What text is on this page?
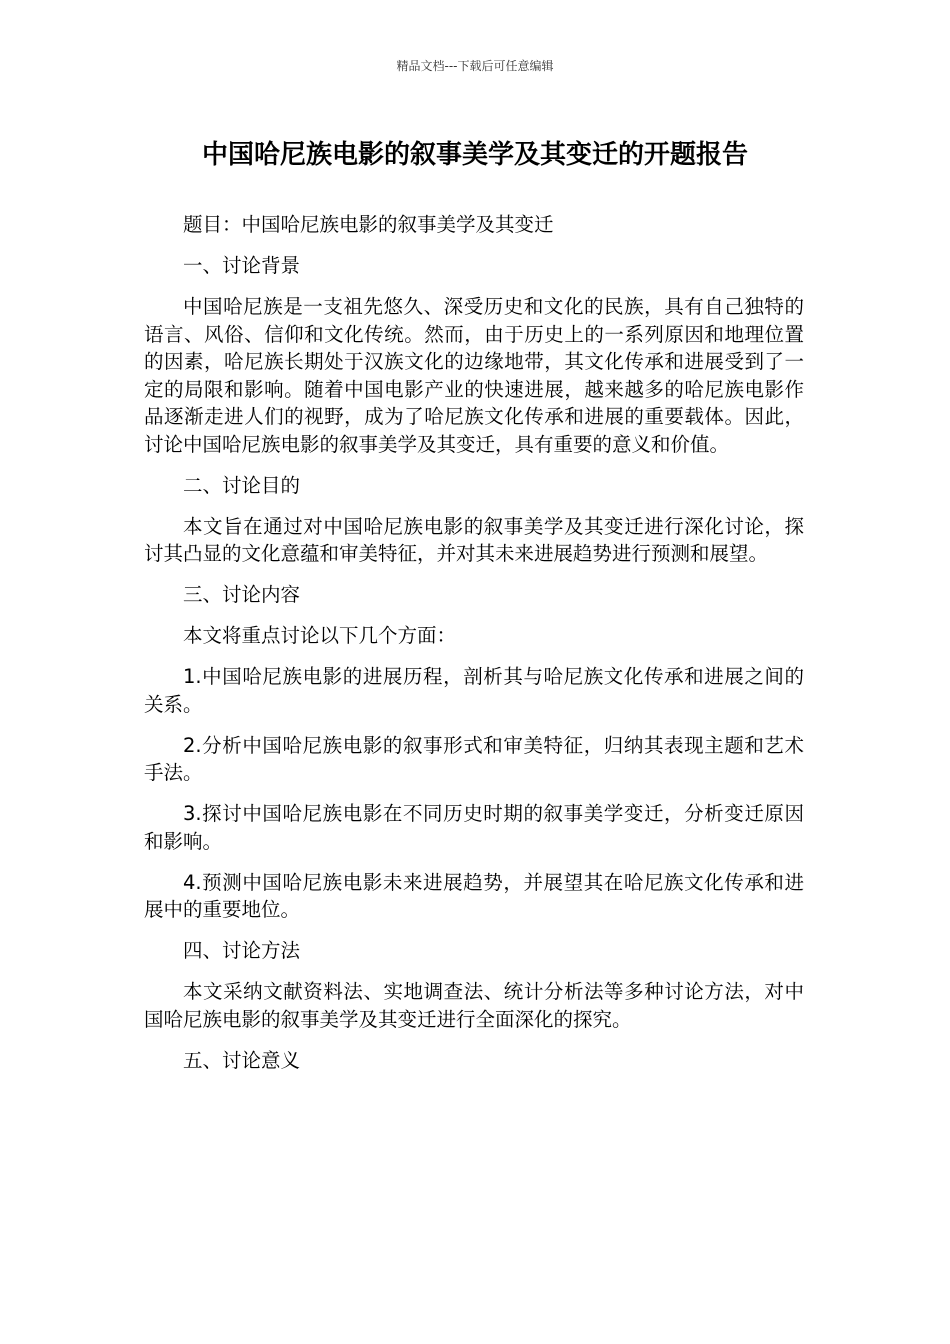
精品文档---下载后可任意编辑
中国哈尼族电影的叙事美学及其变迁的开题报告

题目：中国哈尼族电影的叙事美学及其变迁

一、讨论背景

中国哈尼族是一支祖先悠久、深受历史和文化的民族，具有自己独特的语言、风俗、信仰和文化传统。然而，由于历史上的一系列原因和地理位置的因素，哈尼族长期处于汉族文化的边缘地带，其文化传承和进展受到了一定的局限和影响。随着中国电影产业的快速进展，越来越多的哈尼族电影作品逐渐走进人们的视野，成为了哈尼族文化传承和进展的重要载体。因此，讨论中国哈尼族电影的叙事美学及其变迁，具有重要的意义和价值。

二、讨论目的

本文旨在通过对中国哈尼族电影的叙事美学及其变迁进行深化讨论，探讨其凸显的文化意蕴和审美特征，并对其未来进展趋势进行预测和展望。

三、讨论内容

本文将重点讨论以下几个方面：

1.中国哈尼族电影的进展历程，剖析其与哈尼族文化传承和进展之间的关系。

2.分析中国哈尼族电影的叙事形式和审美特征，归纳其表现主题和艺术手法。

3.探讨中国哈尼族电影在不同历史时期的叙事美学变迁，分析变迁原因和影响。

4.预测中国哈尼族电影未来进展趋势，并展望其在哈尼族文化传承和进展中的重要地位。

四、讨论方法

本文采纳文献资料法、实地调查法、统计分析法等多种讨论方法，对中国哈尼族电影的叙事美学及其变迁进行全面深化的探究。

五、讨论意义
